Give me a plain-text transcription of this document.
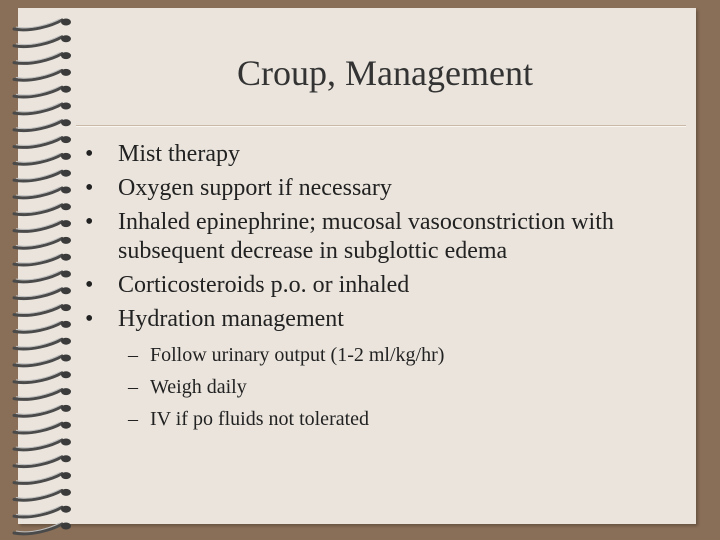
Croup, Management
• Mist therapy
• Oxygen support if necessary
• Inhaled epinephrine; mucosal vasoconstriction with subsequent decrease in subglottic edema
• Corticosteroids p.o. or inhaled
• Hydration management
– Follow urinary output (1-2 ml/kg/hr)
– Weigh daily
– IV if po fluids not tolerated
